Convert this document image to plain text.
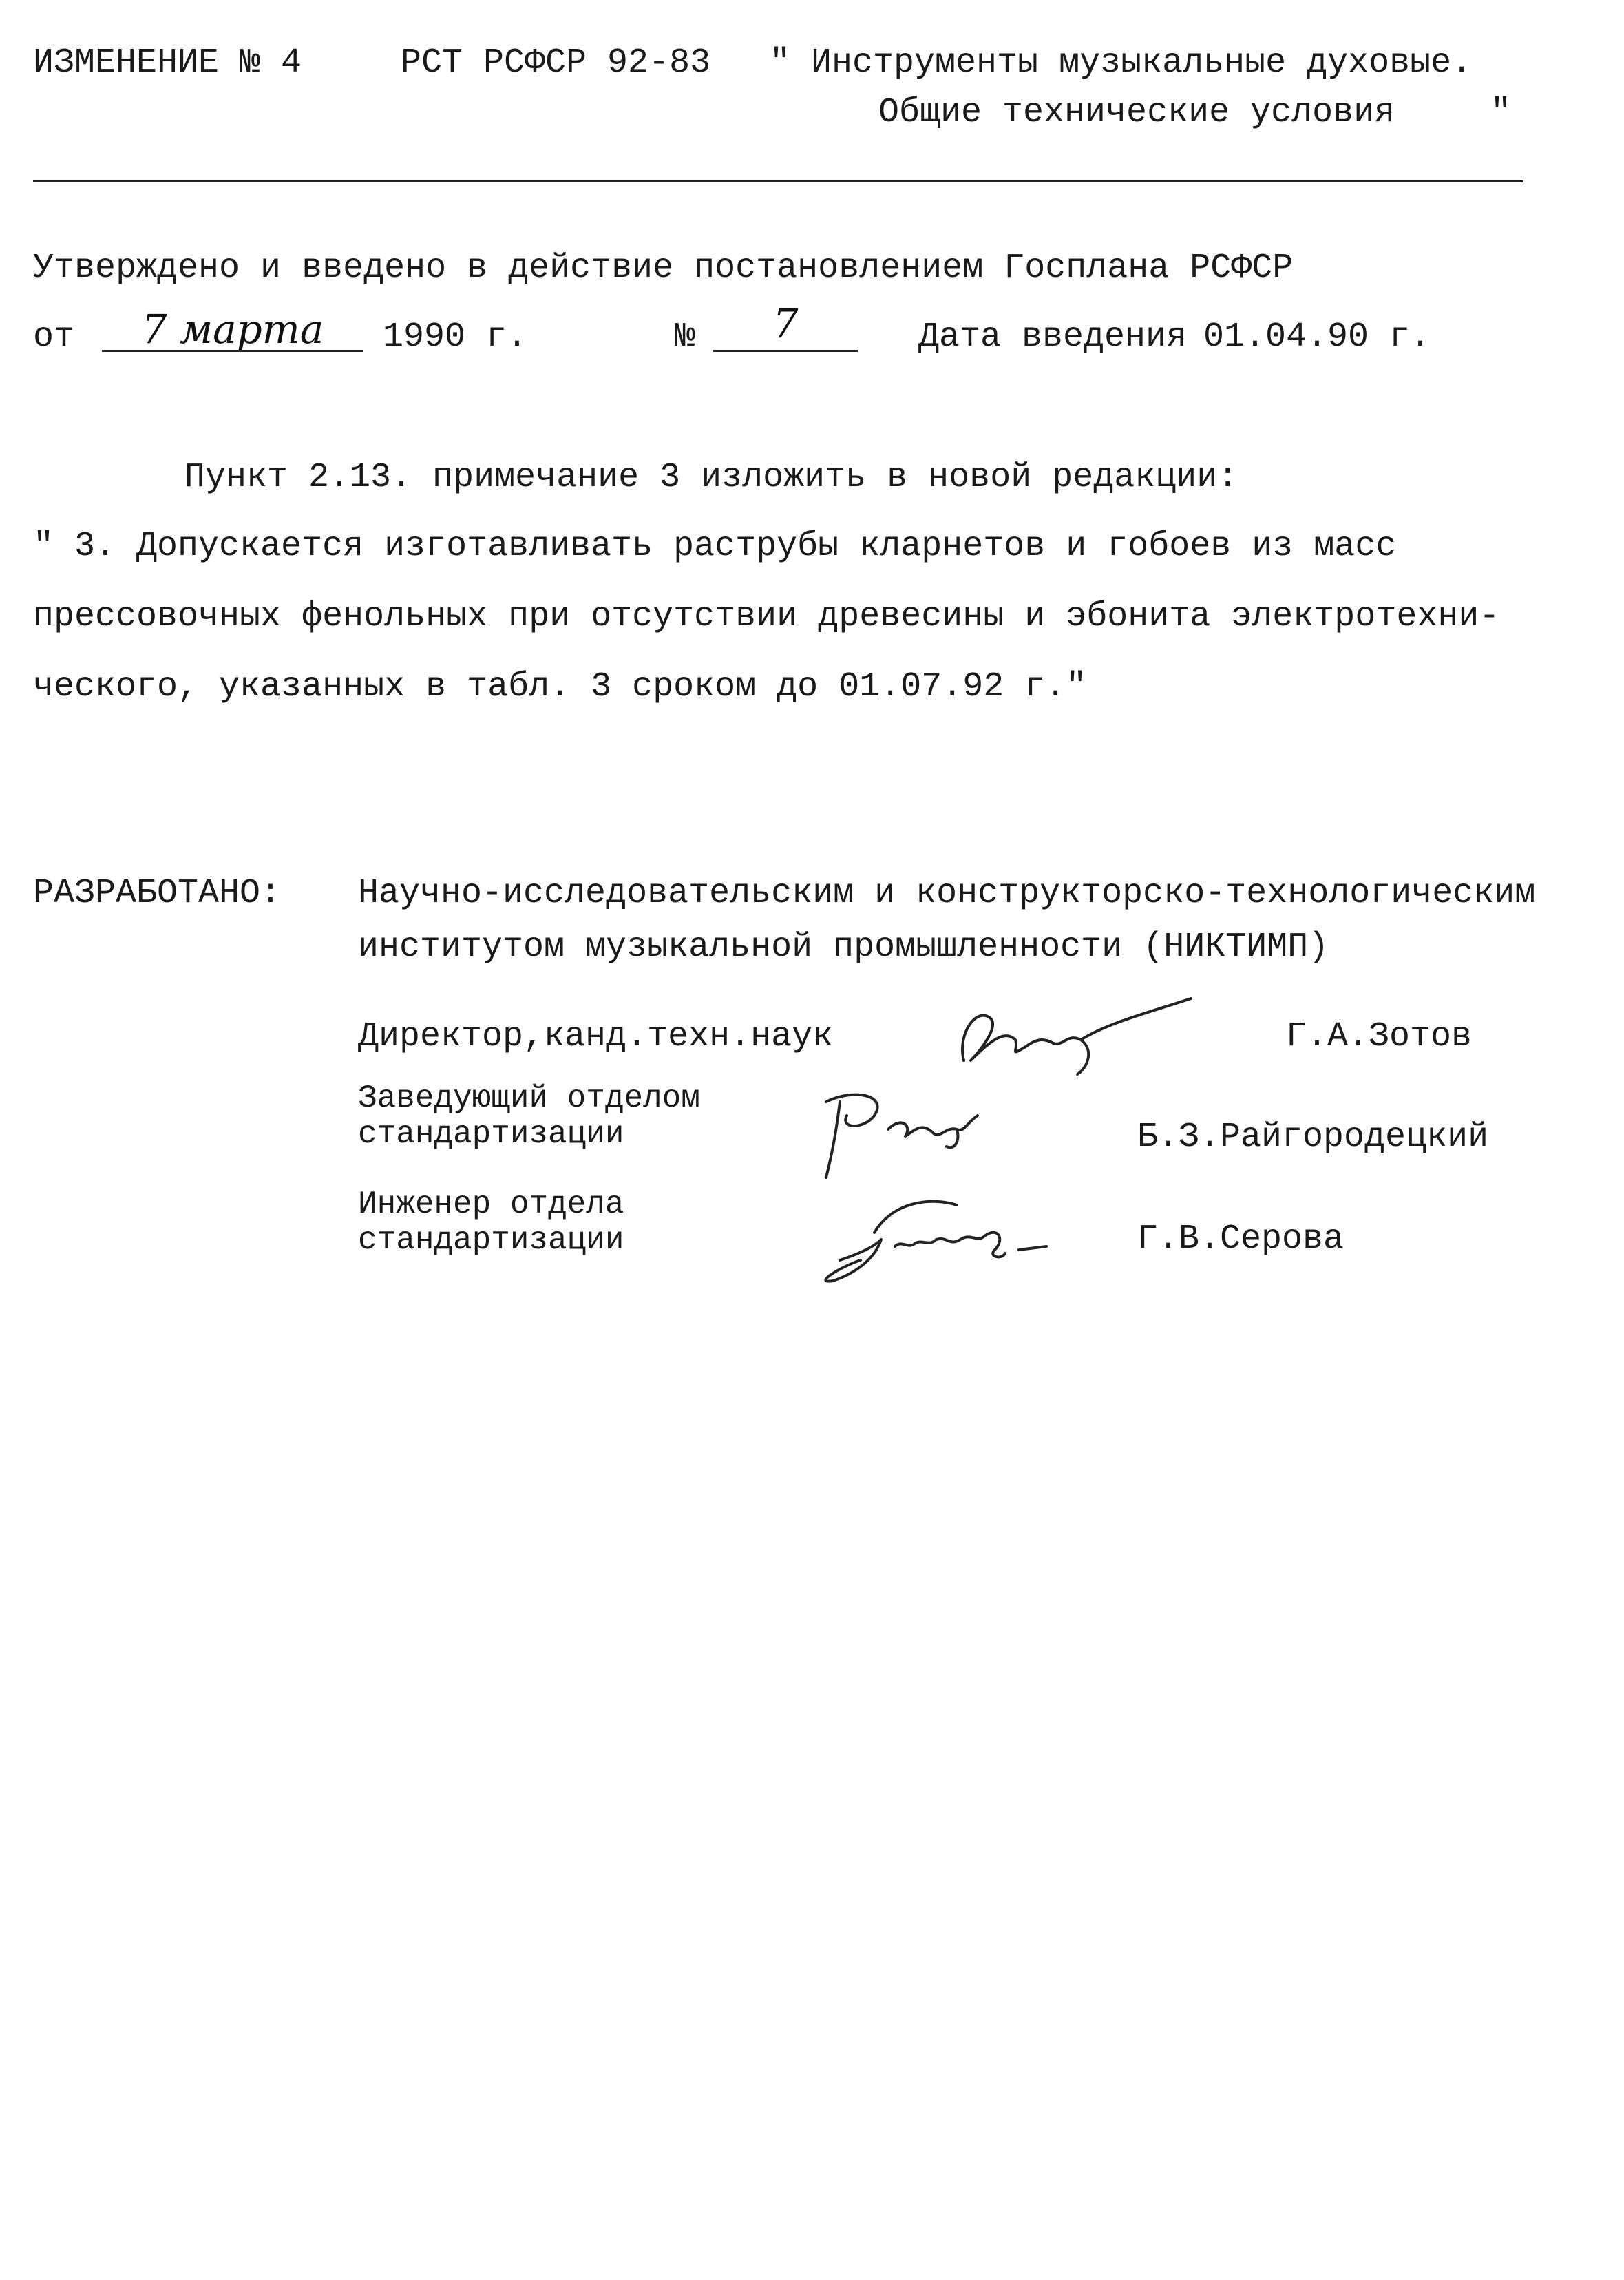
ИЗМЕНЕНИЕ № 4	РСТ РСФСР 92-83 " Инструменты музыкальные духовые.
Общие технические условия	"
Утверждено и введено в действие постановлением Госплана РСФСР
от	7 марта	1990 г.	№	7	Дата введения 01.04.90 г.
Пункт 2.13. примечание 3 изложить в новой редакции:
" 3. Допускается изготавливать раструбы кларнетов и гобоев из масс
прессовочных фенольных при отсутствии древесины и эбонита электротехни-
ческого, указанных в табл. 3 сроком до 01.07.92 г."
РАЗРАБОТАНО: Научно-исследовательским и конструкторско-технологическим
институтом музыкальной промышленности (НИКТИМП)
Директор,канд.техн.наук	Г.А.Зотов
Заведующий отделом
стандартизации	Б.З.Райгородецкий
Инженер отдела
стандартизации	Г.В.Серова
